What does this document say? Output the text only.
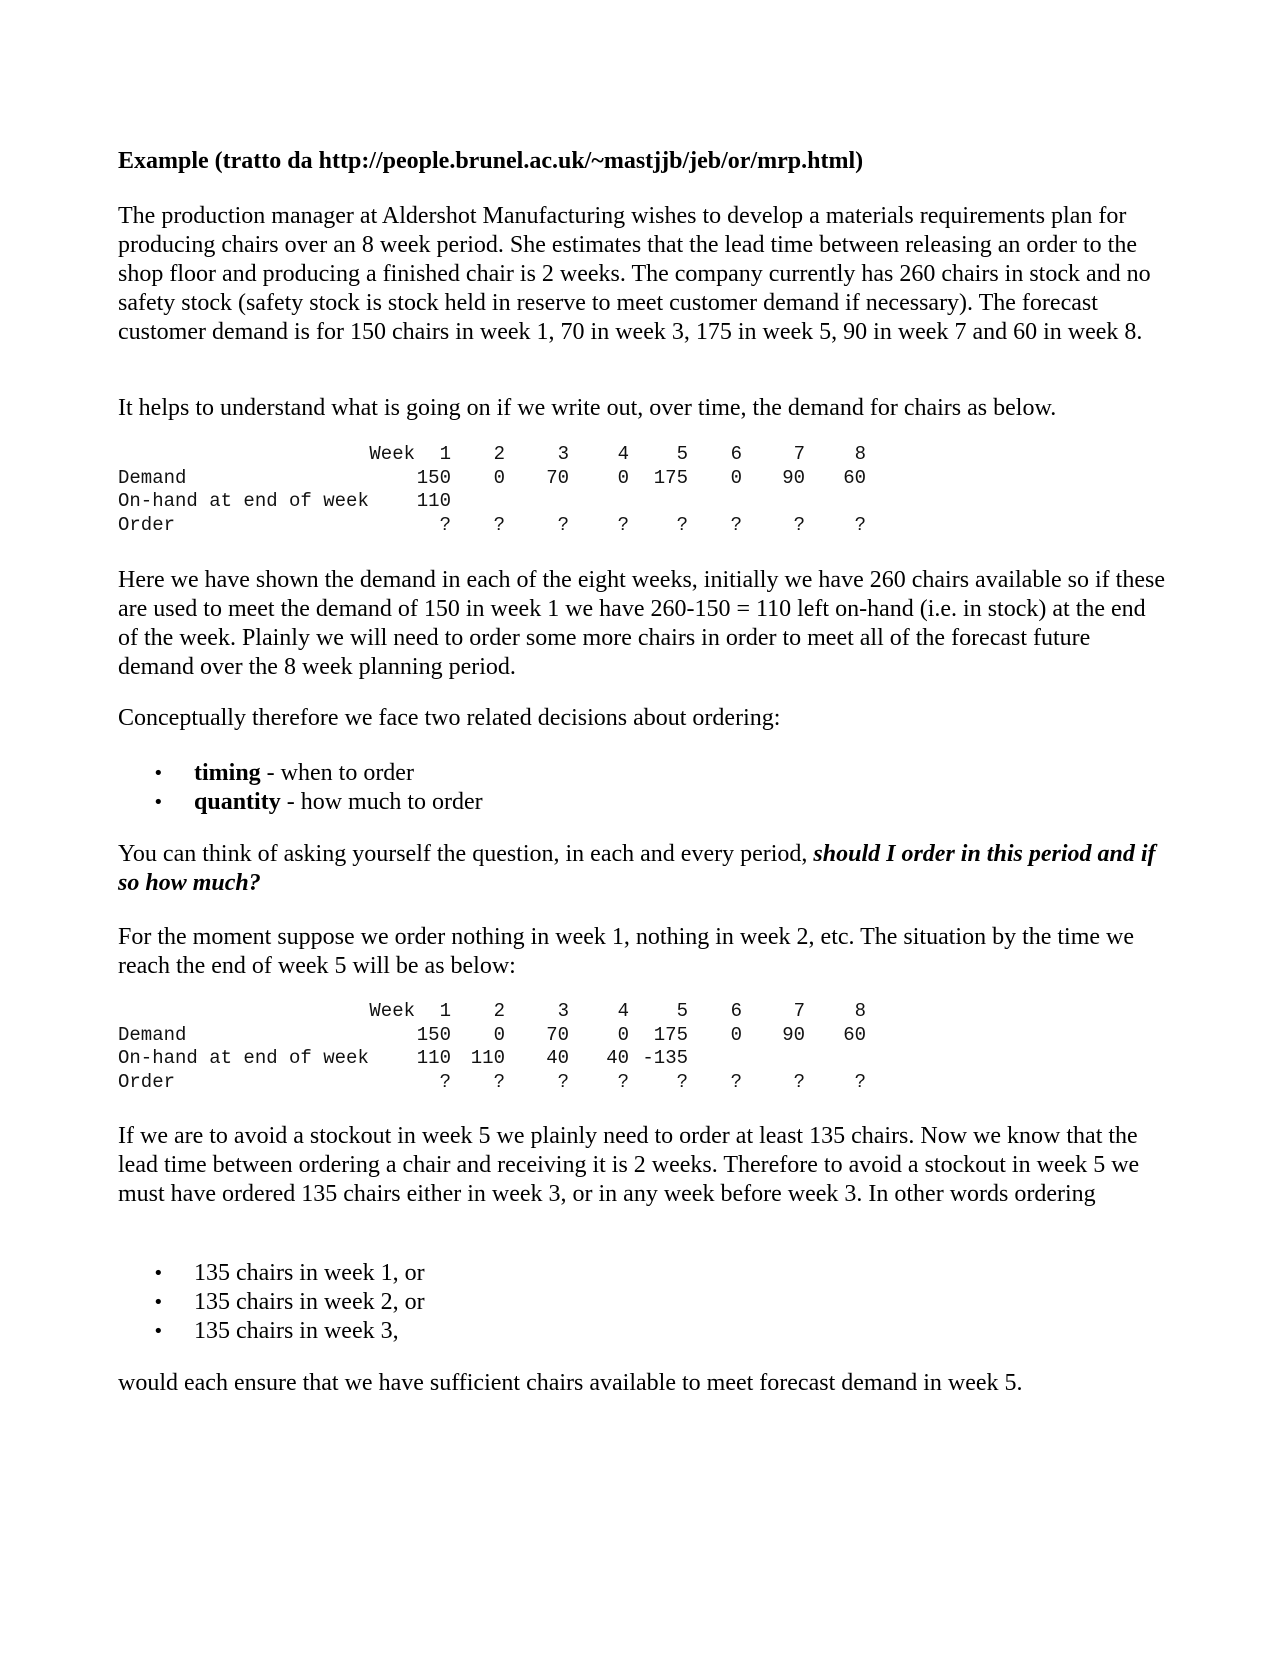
Example (tratto da http://people.brunel.ac.uk/~mastjjb/jeb/or/mrp.html)

The production manager at Aldershot Manufacturing wishes to develop a materials requirements plan for producing chairs over an 8 week period. She estimates that the lead time between releasing an order to the shop floor and producing a finished chair is 2 weeks. The company currently has 260 chairs in stock and no safety stock (safety stock is stock held in reserve to meet customer demand if necessary). The forecast customer demand is for 150 chairs in week 1, 70 in week 3, 175 in week 5, 90 in week 7 and 60 in week 8.

It helps to understand what is going on if we write out, over time, the demand for chairs as below.

Week	1	2	3	4	5	6	7	8
Demand	150	0	70	0	175	0	90	60
On-hand at end of week	110
Order	?	?	?	?	?	?	?	?

Here we have shown the demand in each of the eight weeks, initially we have 260 chairs available so if these are used to meet the demand of 150 in week 1 we have 260-150 = 110 left on-hand (i.e. in stock) at the end of the week. Plainly we will need to order some more chairs in order to meet all of the forecast future demand over the 8 week planning period.

Conceptually therefore we face two related decisions about ordering:

• timing - when to order
• quantity - how much to order

You can think of asking yourself the question, in each and every period, should I order in this period and if so how much?

For the moment suppose we order nothing in week 1, nothing in week 2, etc. The situation by the time we reach the end of week 5 will be as below:

Week	1	2	3	4	5	6	7	8
Demand	150	0	70	0	175	0	90	60
On-hand at end of week	110	110	40	40 -135
Order	?	?	?	?	?	?	?	?

If we are to avoid a stockout in week 5 we plainly need to order at least 135 chairs. Now we know that the lead time between ordering a chair and receiving it is 2 weeks. Therefore to avoid a stockout in week 5 we must have ordered 135 chairs either in week 3, or in any week before week 3. In other words ordering

• 135 chairs in week 1, or
• 135 chairs in week 2, or
• 135 chairs in week 3,

would each ensure that we have sufficient chairs available to meet forecast demand in week 5.
